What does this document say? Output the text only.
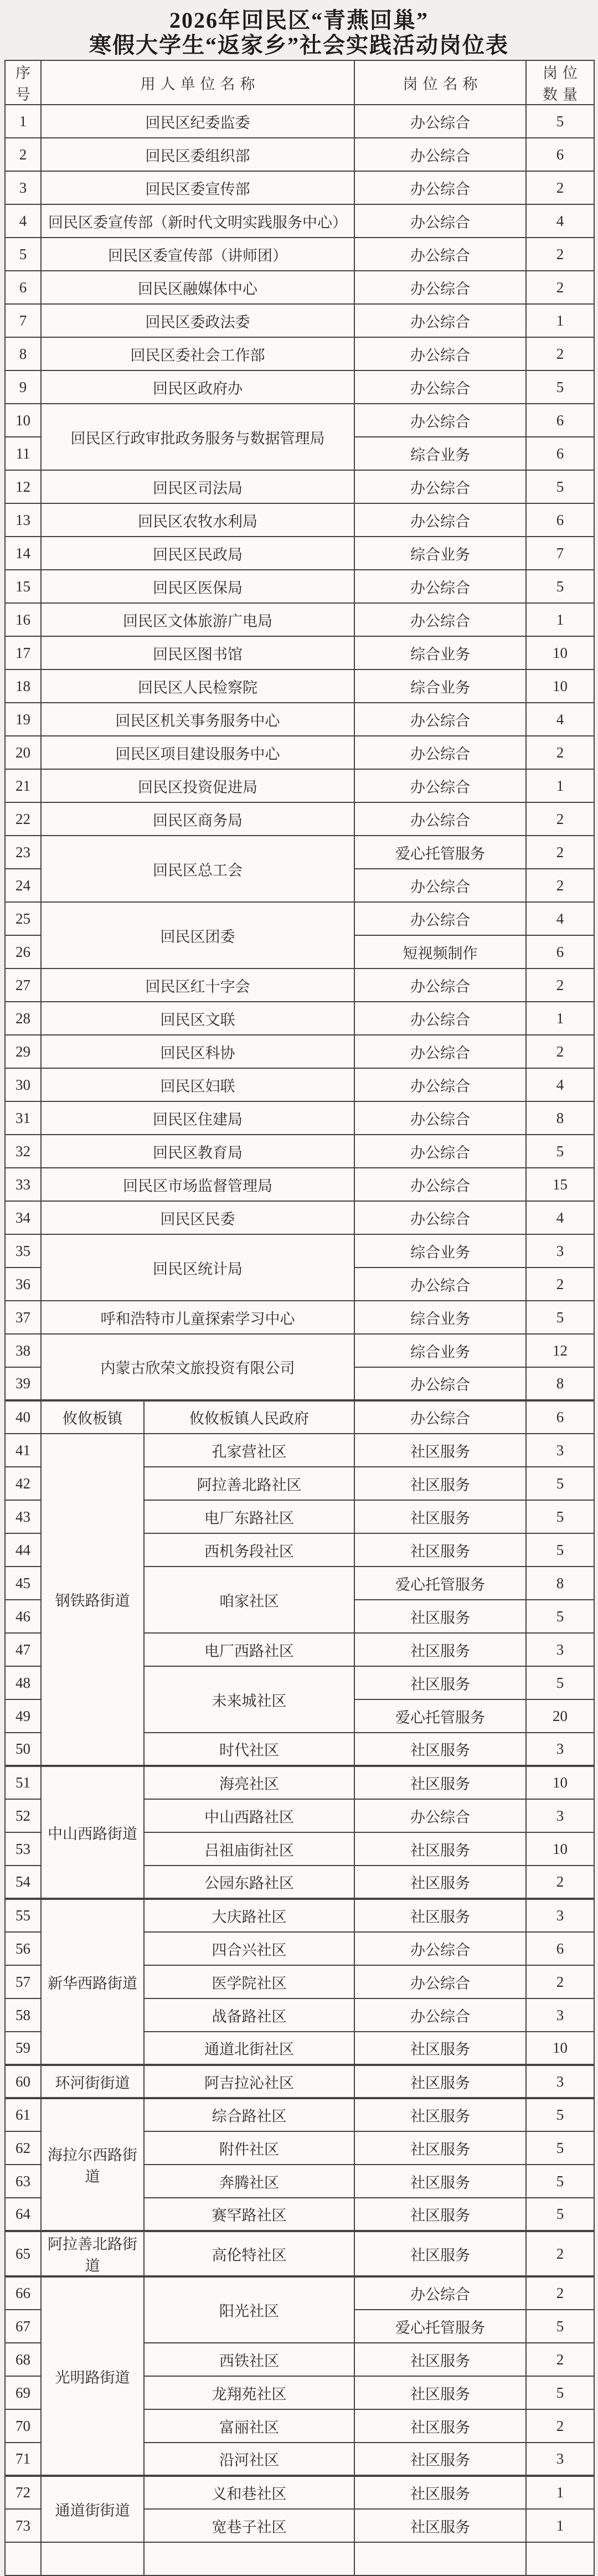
2026年回民区“青燕回巢”
寒假大学生“返家乡”社会实践活动岗位表
序号	用人单位名称		岗位名称	岗位数量
1	回民区纪委监委		办公综合	5
2	回民区委组织部		办公综合	6
3	回民区委宣传部		办公综合	2
4	回民区委宣传部（新时代文明实践服务中心）		办公综合	4
5	回民区委宣传部（讲师团）		办公综合	2
6	回民区融媒体中心		办公综合	2
7	回民区委政法委		办公综合	1
8	回民区委社会工作部		办公综合	2
9	回民区政府办		办公综合	5
10	回民区行政审批政务服务与数据管理局		办公综合	6
11			综合业务	6
12	回民区司法局		办公综合	5
13	回民区农牧水利局		办公综合	6
14	回民区民政局		综合业务	7
15	回民区医保局		办公综合	5
16	回民区文体旅游广电局		办公综合	1
17	回民区图书馆		综合业务	10
18	回民区人民检察院		综合业务	10
19	回民区机关事务服务中心		办公综合	4
20	回民区项目建设服务中心		办公综合	2
21	回民区投资促进局		办公综合	1
22	回民区商务局		办公综合	2
23	回民区总工会		爱心托管服务	2
24			办公综合	2
25	回民区团委		办公综合	4
26			短视频制作	6
27	回民区红十字会		办公综合	2
28	回民区文联		办公综合	1
29	回民区科协		办公综合	2
30	回民区妇联		办公综合	4
31	回民区住建局		办公综合	8
32	回民区教育局		办公综合	5
33	回民区市场监督管理局		办公综合	15
34	回民区民委		办公综合	4
35	回民区统计局		综合业务	3
36			办公综合	2
37	呼和浩特市儿童探索学习中心		综合业务	5
38	内蒙古欣荣文旅投资有限公司		综合业务	12
39			办公综合	8
40	攸攸板镇	攸攸板镇人民政府	办公综合	6
41	钢铁路街道	孔家营社区	社区服务	3
42		阿拉善北路社区	社区服务	5
43		电厂东路社区	社区服务	5
44		西机务段社区	社区服务	5
45		咱家社区	爱心托管服务	8
46			社区服务	5
47		电厂西路社区	社区服务	3
48		未来城社区	社区服务	5
49			爱心托管服务	20
50		时代社区	社区服务	3
51	中山西路街道	海亮社区	社区服务	10
52		中山西路社区	办公综合	3
53		吕祖庙街社区	社区服务	10
54		公园东路社区	社区服务	2
55	新华西路街道	大庆路社区	社区服务	3
56		四合兴社区	办公综合	6
57		医学院社区	办公综合	2
58		战备路社区	办公综合	3
59		通道北街社区	社区服务	10
60	环河街街道	阿吉拉沁社区	社区服务	3
61	海拉尔西路街道	综合路社区	社区服务	5
62		附件社区	社区服务	5
63		奔腾社区	社区服务	5
64		赛罕路社区	社区服务	5
65	阿拉善北路街道	高伦特社区	社区服务	2
66	光明路街道	阳光社区	办公综合	2
67			爱心托管服务	5
68		西铁社区	社区服务	2
69		龙翔苑社区	社区服务	5
70		富丽社区	社区服务	2
71		沿河社区	社区服务	3
72	通道街街道	义和巷社区	社区服务	1
73		宽巷子社区	社区服务	1
